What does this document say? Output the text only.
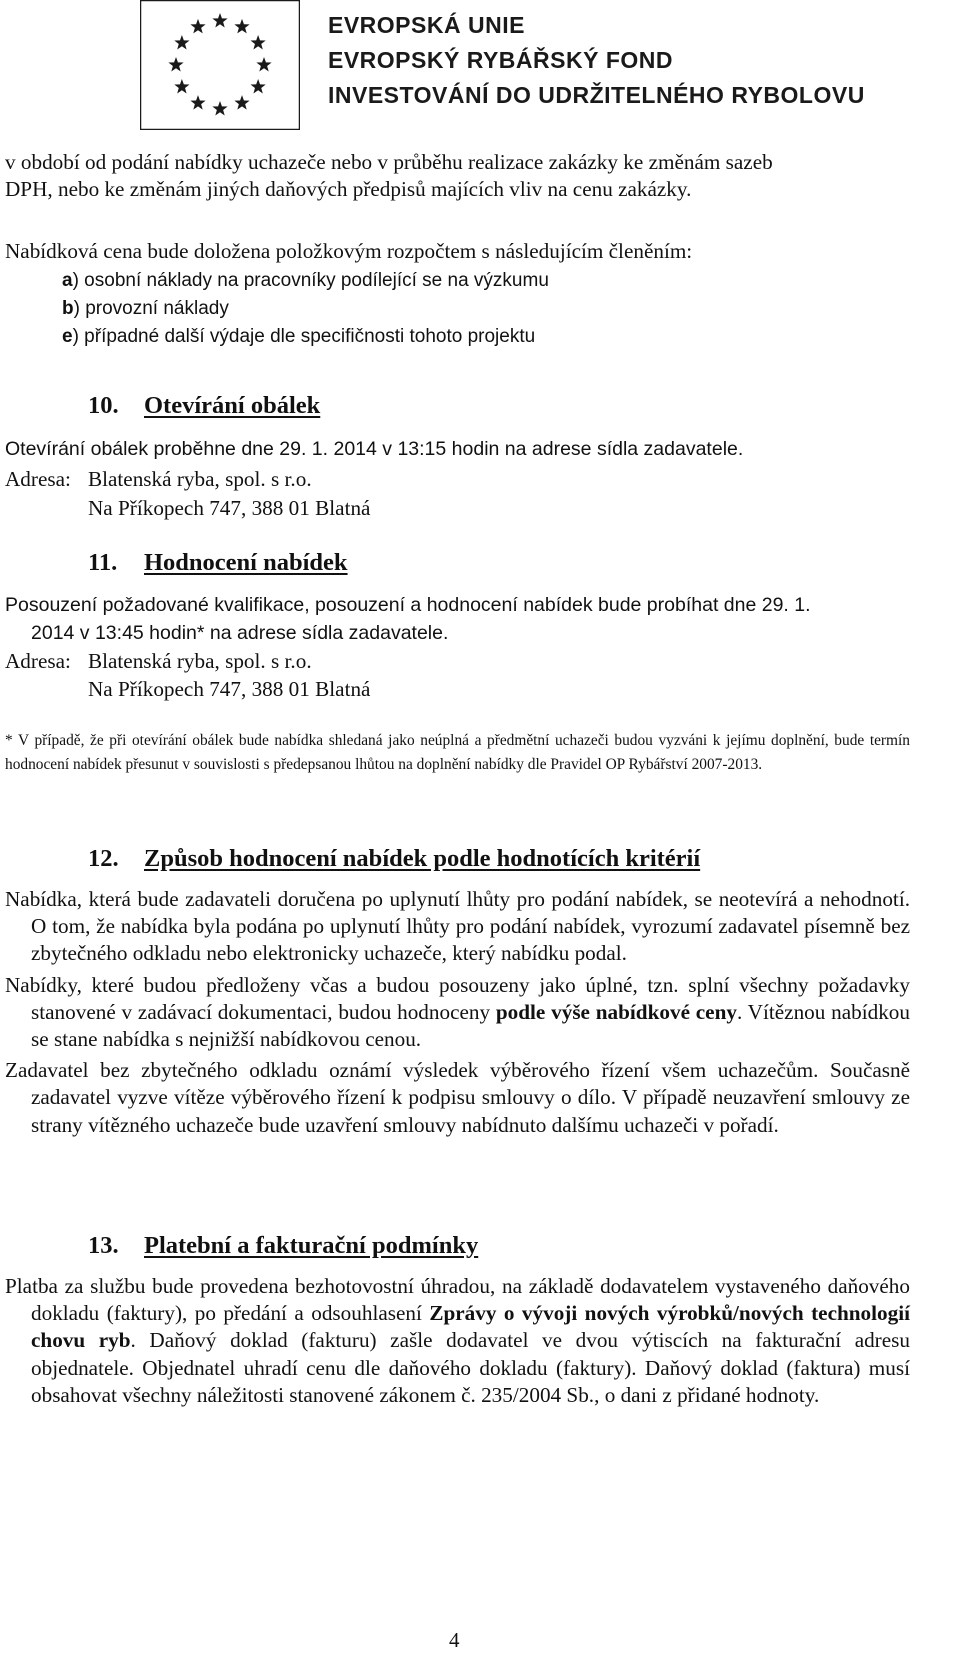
EVROPSKÁ UNIE
EVROPSKÝ RYBÁŘSKÝ FOND
INVESTOVÁNÍ DO UDRŽITELNÉHO RYBOLOVU
v období od podání nabídky uchazeče nebo v průběhu realizace zakázky ke změnám sazeb
DPH, nebo ke změnám jiných daňových předpisů majících vliv na cenu zakázky.
Nabídková cena bude doložena položkovým rozpočtem s následujícím členěním:
a) osobní náklady na pracovníky podílející se na výzkumu
b) provozní náklady
e) případné další výdaje dle specifičnosti tohoto projektu
10. Otevírání obálek
Otevírání obálek proběhne dne 29. 1. 2014 v 13:15 hodin na adrese sídla zadavatele.
Adresa: Blatenská ryba, spol. s r.o.
Na Příkopech 747, 388 01 Blatná
11. Hodnocení nabídek
Posouzení požadované kvalifikace, posouzení a hodnocení nabídek bude probíhat dne 29. 1.
2014 v 13:45 hodin* na adrese sídla zadavatele.
Adresa: Blatenská ryba, spol. s r.o.
Na Příkopech 747, 388 01 Blatná
* V případě, že při otevírání obálek bude nabídka shledaná jako neúplná a předmětní uchazeči budou vyzváni k jejímu doplnění, bude termín hodnocení nabídek přesunut v souvislosti s předepsanou lhůtou na doplnění nabídky dle Pravidel OP Rybářství 2007-2013.
12. Způsob hodnocení nabídek podle hodnotících kritérií

Nabídka, která bude zadavateli doručena po uplynutí lhůty pro podání nabídek, se neotevírá a nehodnotí. O tom, že nabídka byla podána po uplynutí lhůty pro podání nabídek, vyrozumí zadavatel písemně bez zbytečného odkladu nebo elektronicky uchazeče, který nabídku podal.

Nabídky, které budou předloženy včas a budou posouzeny jako úplné, tzn. splní všechny požadavky stanovené v zadávací dokumentaci, budou hodnoceny podle výše nabídkové ceny. Vítěznou nabídkou se stane nabídka s nejnižší nabídkovou cenou.

Zadavatel bez zbytečného odkladu oznámí výsledek výběrového řízení všem uchazečům. Současně zadavatel vyzve vítěze výběrového řízení k podpisu smlouvy o dílo. V případě neuzavření smlouvy ze strany vítězného uchazeče bude uzavření smlouvy nabídnuto dalšímu uchazeči v pořadí.

13. Platební a fakturační podmínky

Platba za službu bude provedena bezhotovostní úhradou, na základě dodavatelem vystaveného daňového dokladu (faktury), po předání a odsouhlasení Zprávy o vývoji nových výrobků/nových technologií chovu ryb. Daňový doklad (fakturu) zašle dodavatel ve dvou výtiscích na fakturační adresu objednatele. Objednatel uhradí cenu dle daňového dokladu (faktury). Daňový doklad (faktura) musí obsahovat všechny náležitosti stanovené zákonem č. 235/2004 Sb., o dani z přidané hodnoty.

4
